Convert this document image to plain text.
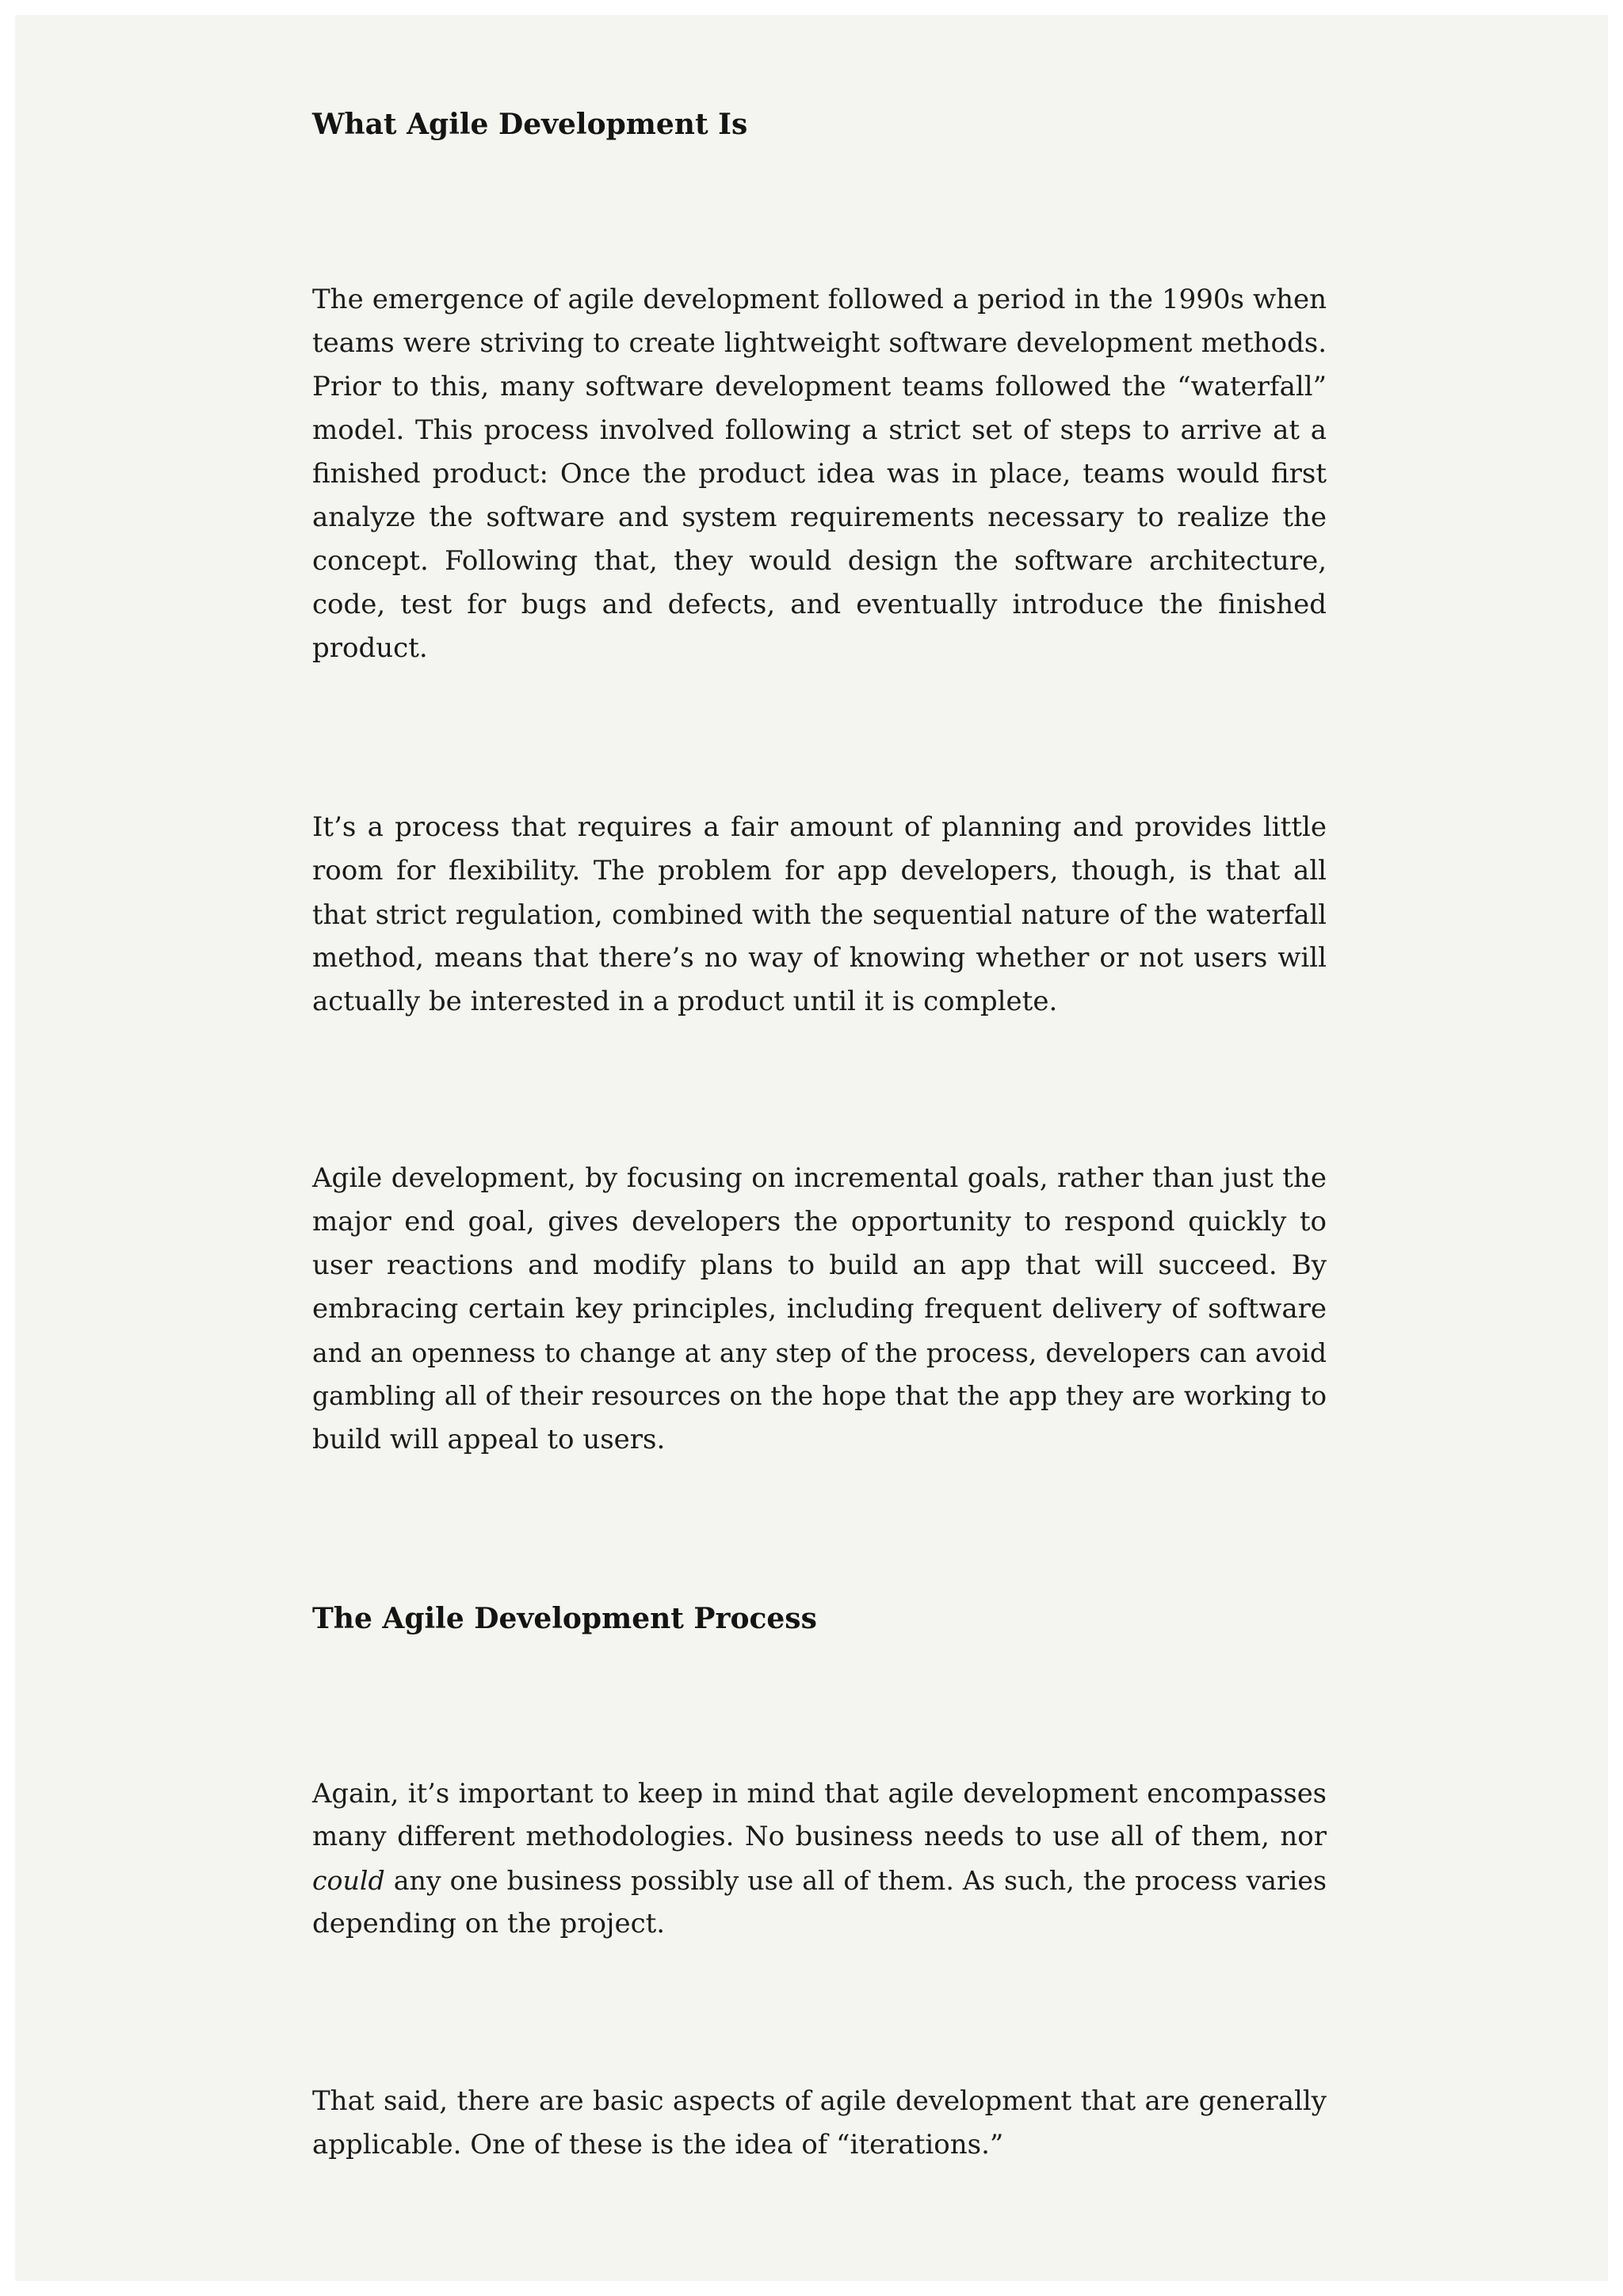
What Agile Development Is
The emergence of agile development followed a period in the 1990s when
teams were striving to create lightweight software development methods.
Prior to this, many software development teams followed the “waterfall”
model. This process involved following a strict set of steps to arrive at a
finished product: Once the product idea was in place, teams would first
analyze the software and system requirements necessary to realize the
concept. Following that, they would design the software architecture,
code, test for bugs and defects, and eventually introduce the finished
product.
It’s a process that requires a fair amount of planning and provides little
room for flexibility. The problem for app developers, though, is that all
that strict regulation, combined with the sequential nature of the waterfall
method, means that there’s no way of knowing whether or not users will
actually be interested in a product until it is complete.
Agile development, by focusing on incremental goals, rather than just the
major end goal, gives developers the opportunity to respond quickly to
user reactions and modify plans to build an app that will succeed. By
embracing certain key principles, including frequent delivery of software
and an openness to change at any step of the process, developers can avoid
gambling all of their resources on the hope that the app they are working to
build will appeal to users.
The Agile Development Process
Again, it’s important to keep in mind that agile development encompasses
many different methodologies. No business needs to use all of them, nor
could any one business possibly use all of them. As such, the process varies
depending on the project.
That said, there are basic aspects of agile development that are generally
applicable. One of these is the idea of “iterations.”
